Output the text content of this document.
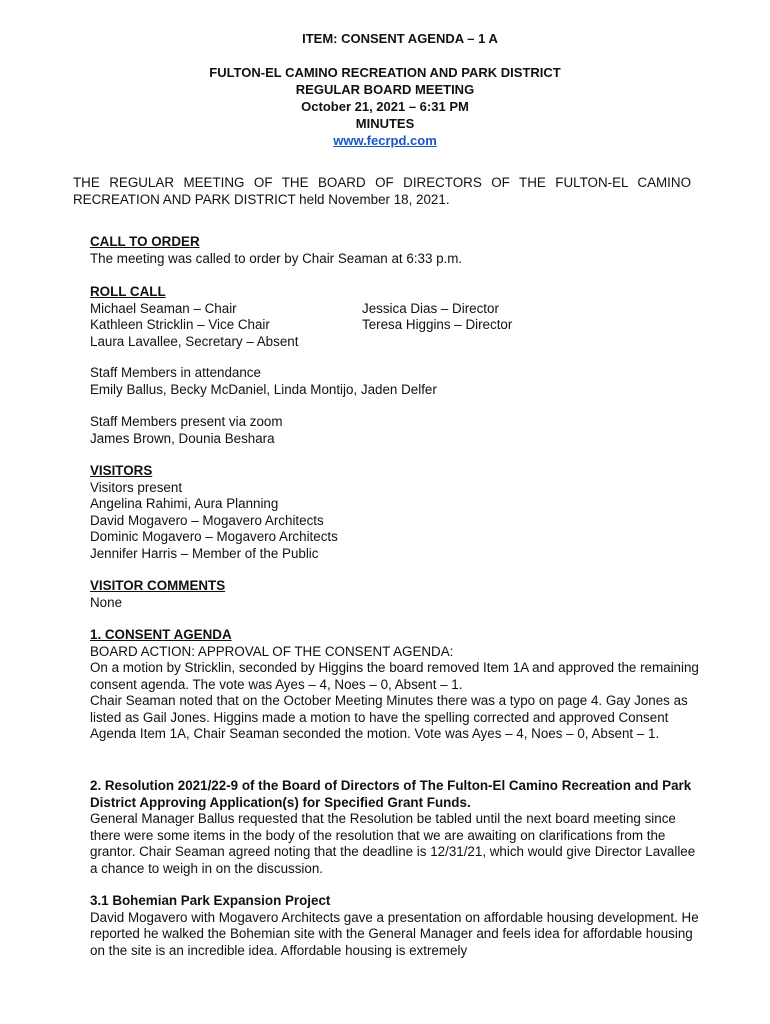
ITEM: CONSENT AGENDA – 1 A
FULTON-EL CAMINO RECREATION AND PARK DISTRICT
REGULAR BOARD MEETING
October 21, 2021 – 6:31 PM
MINUTES
www.fecrpd.com
THE REGULAR MEETING OF THE BOARD OF DIRECTORS OF THE FULTON-EL CAMINO RECREATION AND PARK DISTRICT held November 18, 2021.
CALL TO ORDER
The meeting was called to order by Chair Seaman at 6:33 p.m.
ROLL CALL
Michael Seaman – Chair
Kathleen Stricklin – Vice Chair
Laura Lavallee, Secretary – Absent
Jessica Dias – Director
Teresa Higgins – Director
Staff Members in attendance
Emily Ballus, Becky McDaniel, Linda Montijo, Jaden Delfer
Staff Members present via zoom
James Brown, Dounia Beshara
VISITORS
Visitors present
Angelina Rahimi, Aura Planning
David Mogavero – Mogavero Architects
Dominic Mogavero – Mogavero Architects
Jennifer Harris – Member of the Public
VISITOR COMMENTS
None
1. CONSENT AGENDA
BOARD ACTION: APPROVAL OF THE CONSENT AGENDA:
On a motion by Stricklin, seconded by Higgins the board removed Item 1A and approved the remaining consent agenda. The vote was Ayes – 4, Noes – 0, Absent – 1.
Chair Seaman noted that on the October Meeting Minutes there was a typo on page 4. Gay Jones as listed as Gail Jones. Higgins made a motion to have the spelling corrected and approved Consent Agenda Item 1A, Chair Seaman seconded the motion. Vote was Ayes – 4, Noes – 0, Absent – 1.
2. Resolution 2021/22-9 of the Board of Directors of The Fulton-El Camino Recreation and Park District Approving Application(s) for Specified Grant Funds.
General Manager Ballus requested that the Resolution be tabled until the next board meeting since there were some items in the body of the resolution that we are awaiting on clarifications from the grantor. Chair Seaman agreed noting that the deadline is 12/31/21, which would give Director Lavallee a chance to weigh in on the discussion.
3.1 Bohemian Park Expansion Project
David Mogavero with Mogavero Architects gave a presentation on affordable housing development. He reported he walked the Bohemian site with the General Manager and feels idea for affordable housing on the site is an incredible idea. Affordable housing is extremely
